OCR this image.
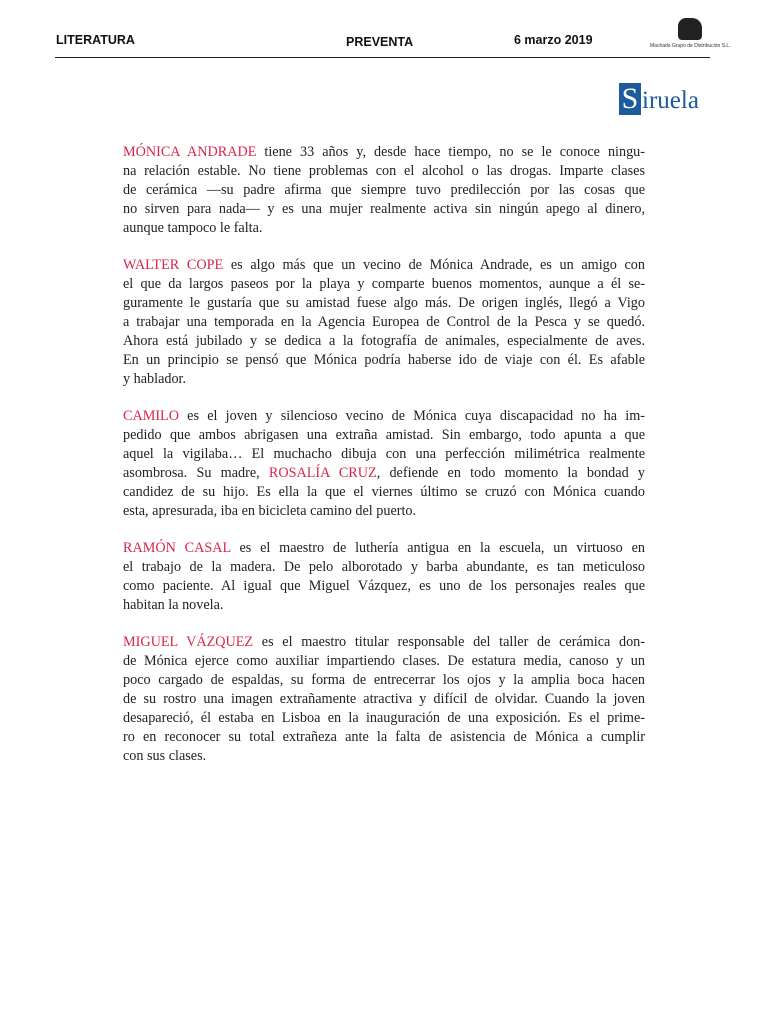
LITERATURA	PREVENTA	6 marzo 2019	Machado Grupo de Distribución S.L.
S iruela
MÓNICA ANDRADE tiene 33 años y, desde hace tiempo, no se le conoce ningu-
na relación estable. No tiene problemas con el alcohol o las drogas. Imparte clases
de cerámica —su padre afirma que siempre tuvo predilección por las cosas que
no sirven para nada— y es una mujer realmente activa sin ningún apego al dinero,
aunque tampoco le falta.
WALTER COPE es algo más que un vecino de Mónica Andrade, es un amigo con
el que da largos paseos por la playa y comparte buenos momentos, aunque a él se-
guramente le gustaría que su amistad fuese algo más. De origen inglés, llegó a Vigo
a trabajar una temporada en la Agencia Europea de Control de la Pesca y se quedó.
Ahora está jubilado y se dedica a la fotografía de animales, especialmente de aves.
En un principio se pensó que Mónica podría haberse ido de viaje con él. Es afable
y hablador.
CAMILO es el joven y silencioso vecino de Mónica cuya discapacidad no ha im-
pedido que ambos abrigasen una extraña amistad. Sin embargo, todo apunta a que
aquel la vigilaba… El muchacho dibuja con una perfección milimétrica realmente
asombrosa. Su madre, ROSALÍA CRUZ, defiende en todo momento la bondad y
candidez de su hijo. Es ella la que el viernes último se cruzó con Mónica cuando
esta, apresurada, iba en bicicleta camino del puerto.
RAMÓN CASAL es el maestro de luthería antigua en la escuela, un virtuoso en
el trabajo de la madera. De pelo alborotado y barba abundante, es tan meticuloso
como paciente. Al igual que Miguel Vázquez, es uno de los personajes reales que
habitan la novela.
MIGUEL VÁZQUEZ es el maestro titular responsable del taller de cerámica don-
de Mónica ejerce como auxiliar impartiendo clases. De estatura media, canoso y un
poco cargado de espaldas, su forma de entrecerrar los ojos y la amplia boca hacen
de su rostro una imagen extrañamente atractiva y difícil de olvidar. Cuando la joven
desapareció, él estaba en Lisboa en la inauguración de una exposición. Es el prime-
ro en reconocer su total extrañeza ante la falta de asistencia de Mónica a cumplir
con sus clases.
